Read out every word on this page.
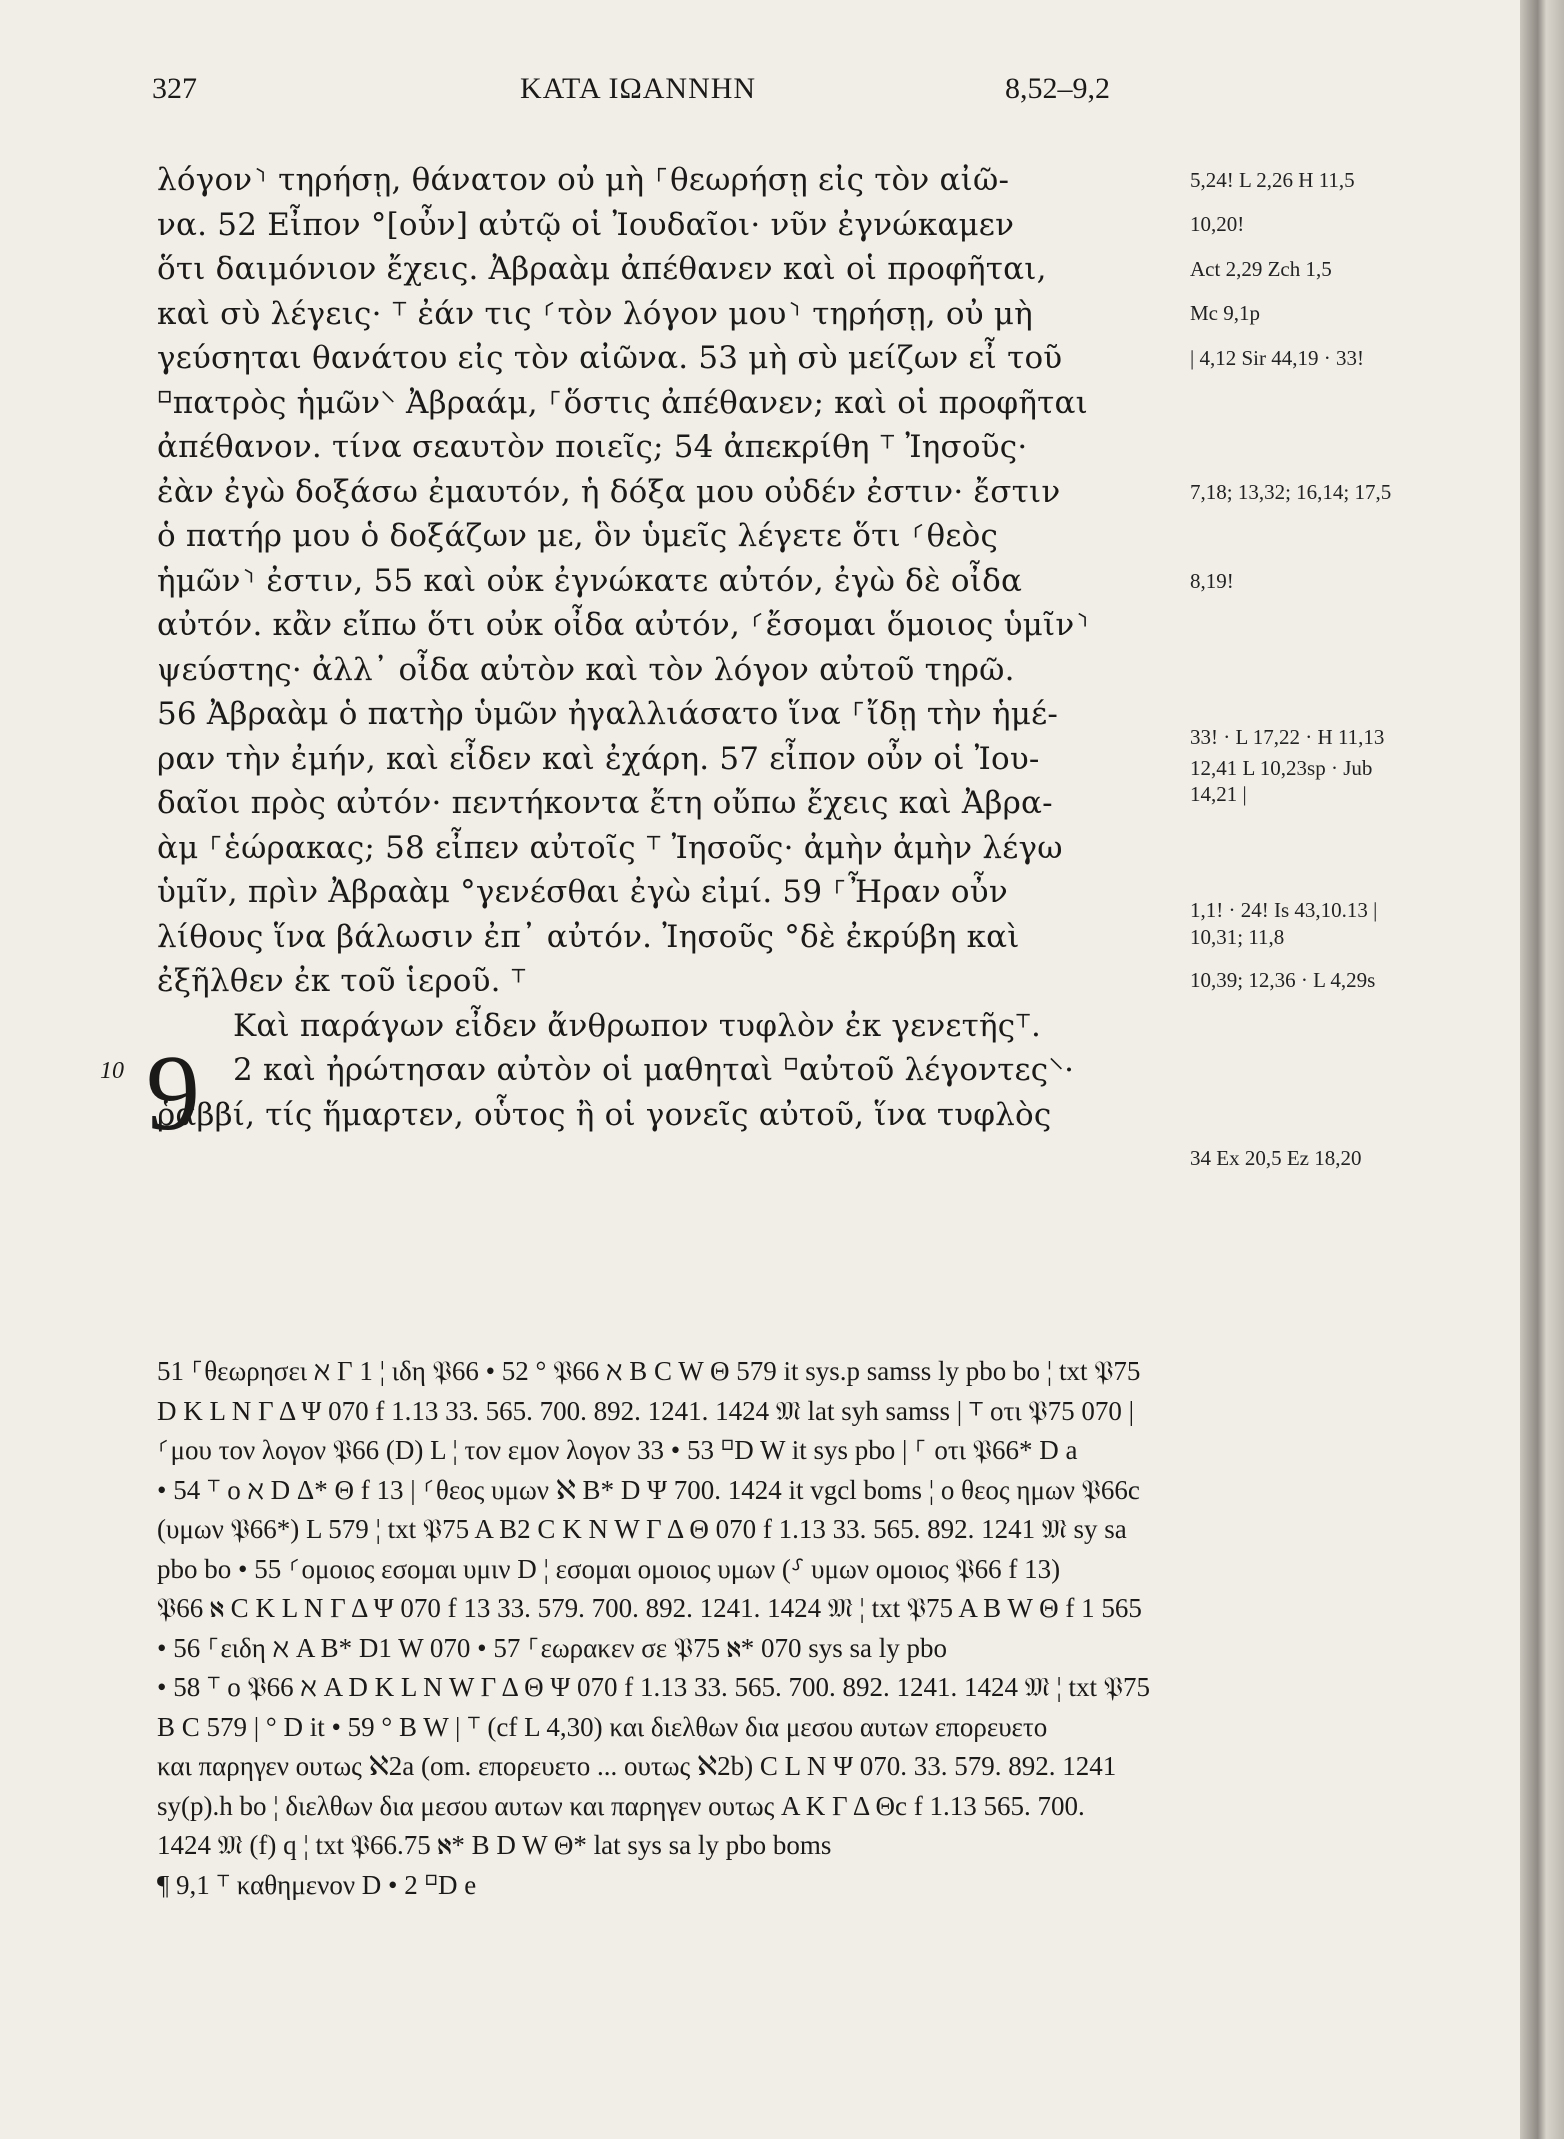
327	ΚΑΤΑ ΙΩΑΝΝΗΝ	8,52–9,2
λόγον⸃ τηρήσῃ, θάνατον οὐ μὴ ⸀θεωρήσῃ εἰς τὸν αἰῶ-
να. 52 Εἶπον °[οὖν] αὐτῷ οἱ Ἰουδαῖοι· νῦν ἐγνώκαμεν
ὅτι δαιμόνιον ἔχεις. Ἀβραὰμ ἀπέθανεν καὶ οἱ προφῆται,
καὶ σὺ λέγεις· ⸆ ἐάν τις ⸂τὸν λόγον μου⸃ τηρήσῃ, οὐ μὴ
γεύσηται θανάτου εἰς τὸν αἰῶνα. 53 μὴ σὺ μείζων εἶ τοῦ
⸋πατρὸς ἡμῶν⸌ Ἀβραάμ, ⸀ὅστις ἀπέθανεν; καὶ οἱ προφῆται
ἀπέθανον. τίνα σεαυτὸν ποιεῖς; 54 ἀπεκρίθη ⸆ Ἰησοῦς·
ἐὰν ἐγὼ δοξάσω ἐμαυτόν, ἡ δόξα μου οὐδέν ἐστιν· ἔστιν
ὁ πατήρ μου ὁ δοξάζων με, ὃν ὑμεῖς λέγετε ὅτι ⸂θεὸς
ἡμῶν⸃ ἐστιν, 55 καὶ οὐκ ἐγνώκατε αὐτόν, ἐγὼ δὲ οἶδα
αὐτόν. κἂν εἴπω ὅτι οὐκ οἶδα αὐτόν, ⸂ἔσομαι ὅμοιος ὑμῖν⸃
ψεύστης· ἀλλ᾽ οἶδα αὐτὸν καὶ τὸν λόγον αὐτοῦ τηρῶ.
56 Ἀβραὰμ ὁ πατὴρ ὑμῶν ἠγαλλιάσατο ἵνα ⸀ἴδῃ τὴν ἡμέ-
ραν τὴν ἐμήν, καὶ εἶδεν καὶ ἐχάρη. 57 εἶπον οὖν οἱ Ἰου-
δαῖοι πρὸς αὐτόν· πεντήκοντα ἔτη οὔπω ἔχεις καὶ Ἀβρα-
ὰμ ⸀ἑώρακας; 58 εἶπεν αὐτοῖς ⸆ Ἰησοῦς· ἀμὴν ἀμὴν λέγω
ὑμῖν, πρὶν Ἀβραὰμ °γενέσθαι ἐγὼ εἰμί. 59 ⸀Ἦραν οὖν
λίθους ἵνα βάλωσιν ἐπ᾽ αὐτόν. Ἰησοῦς °δὲ ἐκρύβη καὶ
ἐξῆλθεν ἐκ τοῦ ἱεροῦ. ⸆
Καὶ παράγων εἶδεν ἄνθρωπον τυφλὸν ἐκ γενετῆς⸆.
2 καὶ ἠρώτησαν αὐτὸν οἱ μαθηταὶ ⸋αὐτοῦ λέγοντες⸌·
ῥαββί, τίς ἥμαρτεν, οὗτος ἢ οἱ γονεῖς αὐτοῦ, ἵνα τυφλὸς
10 9
5,24! L 2,26 H 11,5
10,20!
Act 2,29 Zch 1,5
Mc 9,1p
| 4,12 Sir 44,19 · 33!
7,18; 13,32; 16,14; 17,5
8,19!
33! · L 17,22 · H 11,13
12,41 L 10,23sp · Jub
14,21 |
1,1! · 24! Is 43,10.13 |
10,31; 11,8
10,39; 12,36 · L 4,29s
34 Ex 20,5 Ez 18,20
51 ⸀θεωρησει ℵ Γ 1 ¦ ιδη 𝔓66 • 52 ° 𝔓66 ℵ B C W Θ 579 it sys.p samss ly pbo bo ¦ txt 𝔓75
D K L N Γ Δ Ψ 070 f 1.13 33. 565. 700. 892. 1241. 1424 𝔐 lat syh samss | ⸆ οτι 𝔓75 070 |
⸂μου τον λογον 𝔓66 (D) L ¦ τον εμον λογον 33 • 53 ⸋D W it sys pbo | ⸀ οτι 𝔓66* D a
• 54 ⸆ ο ℵ D Δ* Θ f 13 | ⸂θεος υμων ℵ B* D Ψ 700. 1424 it vgcl boms ¦ ο θεος ημων 𝔓66c
(υμων 𝔓66*) L 579 ¦ txt 𝔓75 A B2 C K N W Γ Δ Θ 070 f 1.13 33. 565. 892. 1241 𝔐 sy sa
pbo bo • 55 ⸂ομοιος εσομαι υμιν D ¦ εσομαι ομοιος υμων (⸉ υμων ομοιος 𝔓66 f 13)
𝔓66 ℵ C K L N Γ Δ Ψ 070 f 13 33. 579. 700. 892. 1241. 1424 𝔐 ¦ txt 𝔓75 A B W Θ f 1 565
• 56 ⸀ειδη ℵ A B* D1 W 070 • 57 ⸀εωρακεν σε 𝔓75 ℵ* 070 sys sa ly pbo
• 58 ⸆ ο 𝔓66 ℵ A D K L N W Γ Δ Θ Ψ 070 f 1.13 33. 565. 700. 892. 1241. 1424 𝔐 ¦ txt 𝔓75
B C 579 | ° D it • 59 ° B W | ⸆ (cf L 4,30) και διελθων δια μεσου αυτων επορευετο
και παρηγεν ουτως ℵ2a (om. επορευετο ... ουτως ℵ2b) C L N Ψ 070. 33. 579. 892. 1241
sy(p).h bo ¦ διελθων δια μεσου αυτων και παρηγεν ουτως A K Γ Δ Θc f 1.13 565. 700.
1424 𝔐 (f) q ¦ txt 𝔓66.75 ℵ* B D W Θ* lat sys sa ly pbo boms
¶ 9,1 ⸆ καθημενον D • 2 ⸋D e
